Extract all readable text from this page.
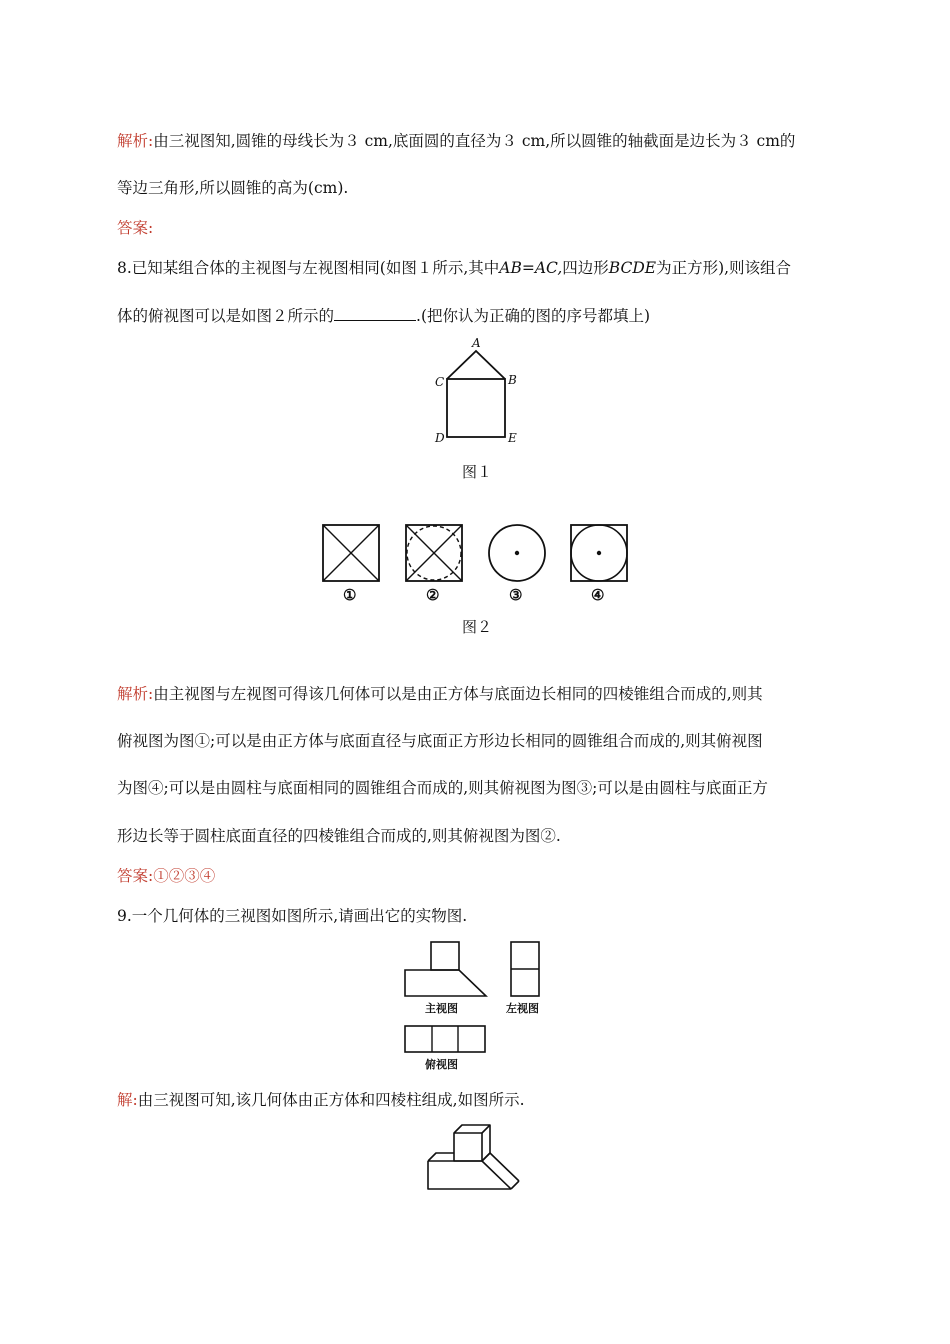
解析:由三视图知,圆锥的母线长为３ cm,底面圆的直径为３ cm,所以圆锥的轴截面是边长为３ cm的
等边三角形,所以圆锥的高为(cm).
答案:
8.已知某组合体的主视图与左视图相同(如图１所示,其中AB=AC,四边形BCDE为正方形),则该组合
体的俯视图可以是如图２所示的	.(把你认为正确的图的序号都填上)
A
B
C
D	E
图１
①	②	③	④
图２
解析:由主视图与左视图可得该几何体可以是由正方体与底面边长相同的四棱锥组合而成的,则其
俯视图为图①;可以是由正方体与底面直径与底面正方形边长相同的圆锥组合而成的,则其俯视图
为图④;可以是由圆柱与底面相同的圆锥组合而成的,则其俯视图为图③;可以是由圆柱与底面正方
形边长等于圆柱底面直径的四棱锥组合而成的,则其俯视图为图②.
答案:①②③④
9.一个几何体的三视图如图所示,请画出它的实物图.
主视图	左视图
俯视图
解:由三视图可知,该几何体由正方体和四棱柱组成,如图所示.
